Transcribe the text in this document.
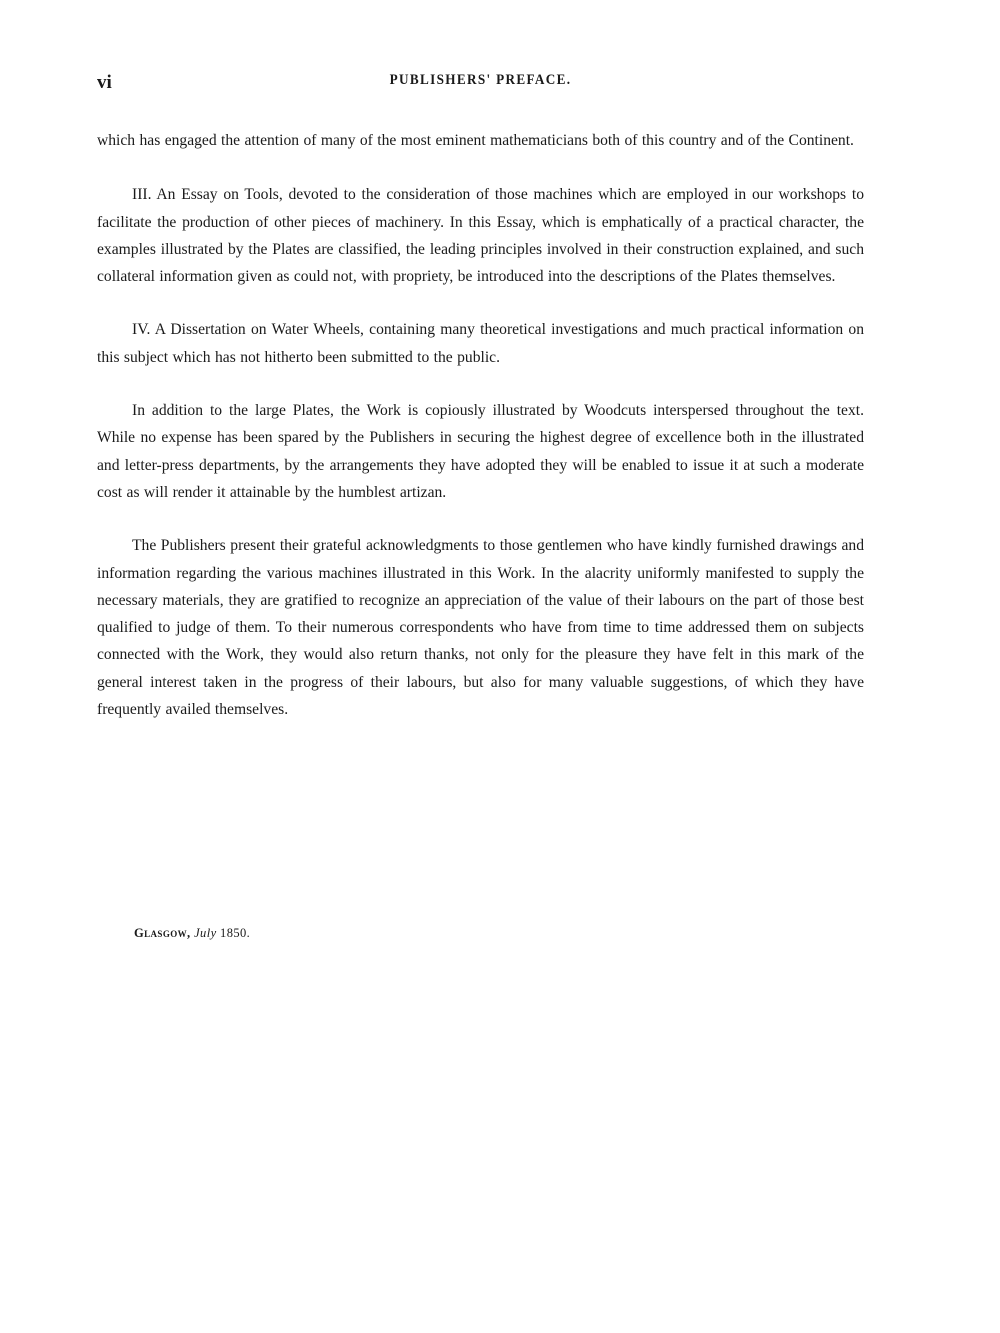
vi	PUBLISHERS' PREFACE.

which has engaged the attention of many of the most eminent mathematicians both of this country and of the Continent.

III. An Essay on Tools, devoted to the consideration of those machines which are employed in our workshops to facilitate the production of other pieces of machinery. In this Essay, which is emphatically of a practical character, the examples illustrated by the Plates are classified, the leading principles involved in their construction explained, and such collateral information given as could not, with propriety, be introduced into the descriptions of the Plates themselves.

IV. A Dissertation on Water Wheels, containing many theoretical investigations and much practical information on this subject which has not hitherto been submitted to the public.

In addition to the large Plates, the Work is copiously illustrated by Woodcuts interspersed throughout the text. While no expense has been spared by the Publishers in securing the highest degree of excellence both in the illustrated and letter-press departments, by the arrangements they have adopted they will be enabled to issue it at such a moderate cost as will render it attainable by the humblest artizan.

The Publishers present their grateful acknowledgments to those gentlemen who have kindly furnished drawings and information regarding the various machines illustrated in this Work. In the alacrity uniformly manifested to supply the necessary materials, they are gratified to recognize an appreciation of the value of their labours on the part of those best qualified to judge of them. To their numerous correspondents who have from time to time addressed them on subjects connected with the Work, they would also return thanks, not only for the pleasure they have felt in this mark of the general interest taken in the progress of their labours, but also for many valuable suggestions, of which they have frequently availed themselves.

Glasgow, July 1850.
